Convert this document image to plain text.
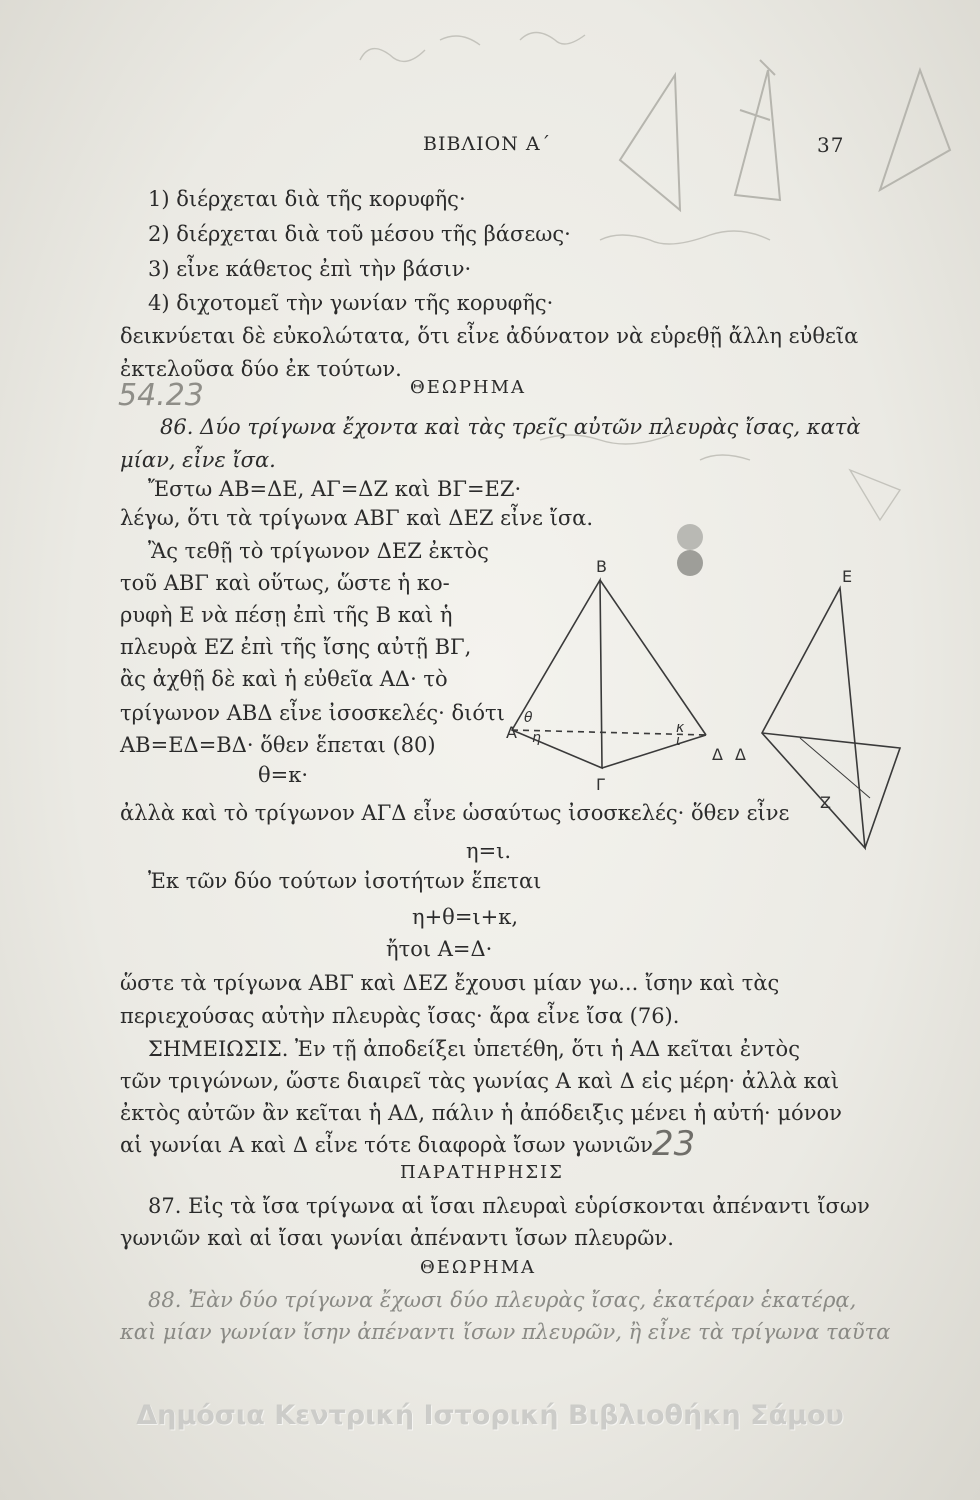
ΒΙΒΛΙΟΝ Α΄	37
1) διέρχεται διὰ τῆς κορυφῆς·
2) διέρχεται διὰ τοῦ μέσου τῆς βάσεως·
3) εἶνε κάθετος ἐπὶ τὴν βάσιν·
4) διχοτομεῖ τὴν γωνίαν τῆς κορυφῆς·
δεικνύεται δὲ εὐκολώτατα, ὅτι εἶνε ἀδύνατον νὰ εὑρεθῇ ἄλλη εὐθεῖα
ἐκτελοῦσα δύο ἐκ τούτων.
ΘΕΩΡΗΜΑ
54.23
86. Δύο τρίγωνα ἔχοντα καὶ τὰς τρεῖς αὐτῶν πλευρὰς ἴσας, κατὰ
μίαν, εἶνε ἴσα.
Ἔστω ΑΒ=ΔΕ, ΑΓ=ΔΖ καὶ ΒΓ=ΕΖ·
λέγω, ὅτι τὰ τρίγωνα ΑΒΓ καὶ ΔΕΖ εἶνε ἴσα.
Ἂς τεθῇ τὸ τρίγωνον ΔΕΖ ἐκτὸς
τοῦ ΑΒΓ καὶ οὕτως, ὥστε ἡ κο-
ρυφὴ Ε νὰ πέσῃ ἐπὶ τῆς Β καὶ ἡ
πλευρὰ ΕΖ ἐπὶ τῆς ἴσης αὐτῇ ΒΓ,
ἂς ἀχθῇ δὲ καὶ ἡ εὐθεῖα ΑΔ· τὸ
τρίγωνον ΑΒΔ εἶνε ἰσοσκελές· διότι
ΑΒ=ΕΔ=ΒΔ· ὅθεν ἕπεται (80)
θ=κ·
B
E
A
Γ
Δ Δ
Z
θ
η
κ
ι
ἀλλὰ καὶ τὸ τρίγωνον ΑΓΔ εἶνε ὡσαύτως ἰσοσκελές· ὅθεν εἶνε
η=ι.
Ἐκ τῶν δύο τούτων ἰσοτήτων ἕπεται
η+θ=ι+κ,
ἤτοι Α=Δ·
ὥστε τὰ τρίγωνα ΑΒΓ καὶ ΔΕΖ ἔχουσι μίαν γω... ἴσην καὶ τὰς
περιεχούσας αὐτὴν πλευρὰς ἴσας· ἄρα εἶνε ἴσα (76).
ΣΗΜΕΙΩΣΙΣ. Ἐν τῇ ἀποδείξει ὑπετέθη, ὅτι ἡ ΑΔ κεῖται ἐντὸς
τῶν τριγώνων, ὥστε διαιρεῖ τὰς γωνίας Α καὶ Δ εἰς μέρη· ἀλλὰ καὶ
ἐκτὸς αὐτῶν ἂν κεῖται ἡ ΑΔ, πάλιν ἡ ἀπόδειξις μένει ἡ αὐτή· μόνον
αἱ γωνίαι Α καὶ Δ εἶνε τότε διαφορὰ ἴσων γωνιῶν.
23
ΠΑΡΑΤΗΡΗΣΙΣ
87. Εἰς τὰ ἴσα τρίγωνα αἱ ἴσαι πλευραὶ εὑρίσκονται ἀπέναντι ἴσων
γωνιῶν καὶ αἱ ἴσαι γωνίαι ἀπέναντι ἴσων πλευρῶν.
ΘΕΩΡΗΜΑ
88. Ἐὰν δύο τρίγωνα ἔχωσι δύο πλευρὰς ἴσας, ἑκατέραν ἑκατέρᾳ,
καὶ μίαν γωνίαν ἴσην ἀπέναντι ἴσων πλευρῶν, ἢ εἶνε τὰ τρίγωνα ταῦτα
Δημόσια Κεντρική Ιστορική Βιβλιοθήκη Σάμου
